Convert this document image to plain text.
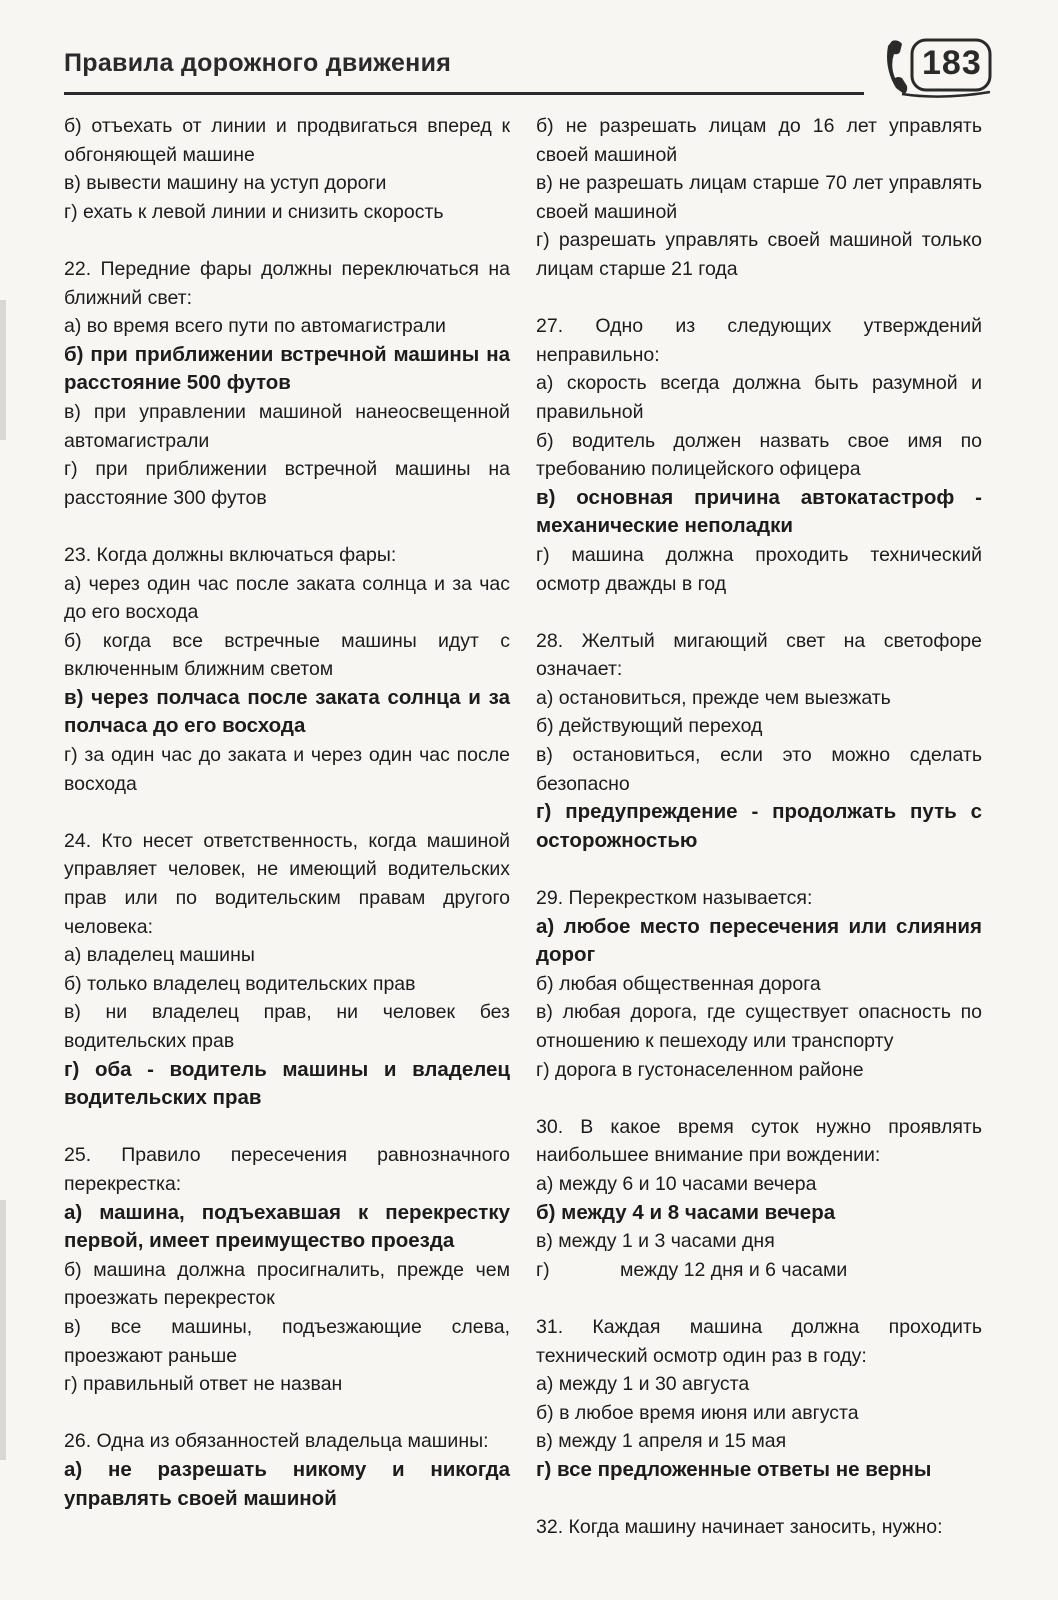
Правила дорожного движения	183

б) отъехать от линии и продвигаться вперед к обгоняющей машине

в) вывести машину на уступ дороги

г) ехать к левой линии и снизить скорость

22. Передние фары должны переключаться на ближний свет:

а) во время всего пути по автомагистрали

б) при приближении встречной машины на расстояние 500 футов

в) при управлении машиной нанеосвещенной автомагистрали

г) при приближении встречной машины на расстояние 300 футов

23. Когда должны включаться фары:

а) через один час после заката солнца и за час до его восхода

б) когда все встречные машины идут с включенным ближним светом

в) через полчаса после заката солнца и за полчаса до его восхода

г) за один час до заката и через один час после восхода

24. Кто несет ответственность, когда машиной управляет человек, не имеющий водительских прав или по водительским правам другого человека:

а) владелец машины

б) только владелец водительских прав

в) ни владелец прав, ни человек без водительских прав

г) оба - водитель машины и владелец водительских прав

25. Правило пересечения равнозначного перекрестка:

а) машина, подъехавшая к перекрестку первой, имеет преимущество проезда

б) машина должна просигналить, прежде чем проезжать перекресток

в) все машины, подъезжающие слева, проезжают раньше

г) правильный ответ не назван

26. Одна из обязанностей владельца машины:

а) не разрешать никому и никогда управлять своей машиной

б) не разрешать лицам до 16 лет управлять своей машиной

в) не разрешать лицам старше 70 лет управлять своей машиной

г) разрешать управлять своей машиной только лицам старше 21 года

27. Одно из следующих утверждений неправильно:

а) скорость всегда должна быть разумной и правильной

б) водитель должен назвать свое имя по требованию полицейского офицера

в) основная причина автокатастроф - механические неполадки

г) машина должна проходить технический осмотр дважды в год

28. Желтый мигающий свет на светофоре означает:

а) остановиться, прежде чем выезжать

б) действующий переход

в) остановиться, если это можно сделать безопасно

г) предупреждение - продолжать путь с осторожностью

29. Перекрестком называется:

а) любое место пересечения или слияния дорог

б) любая общественная дорога

в) любая дорога, где существует опасность по отношению к пешеходу или транспорту

г) дорога в густонаселенном районе

30. В какое время суток нужно проявлять наибольшее внимание при вождении:

а) между 6 и 10 часами вечера

б) между 4 и 8 часами вечера

в) между 1 и 3 часами дня

г)	между 12 дня и 6 часами

31. Каждая машина должна проходить технический осмотр один раз в году:

а) между 1 и 30 августа

б) в любое время июня или августа

в) между 1 апреля и 15 мая

г) все предложенные ответы не верны

32. Когда машину начинает заносить, нужно:
